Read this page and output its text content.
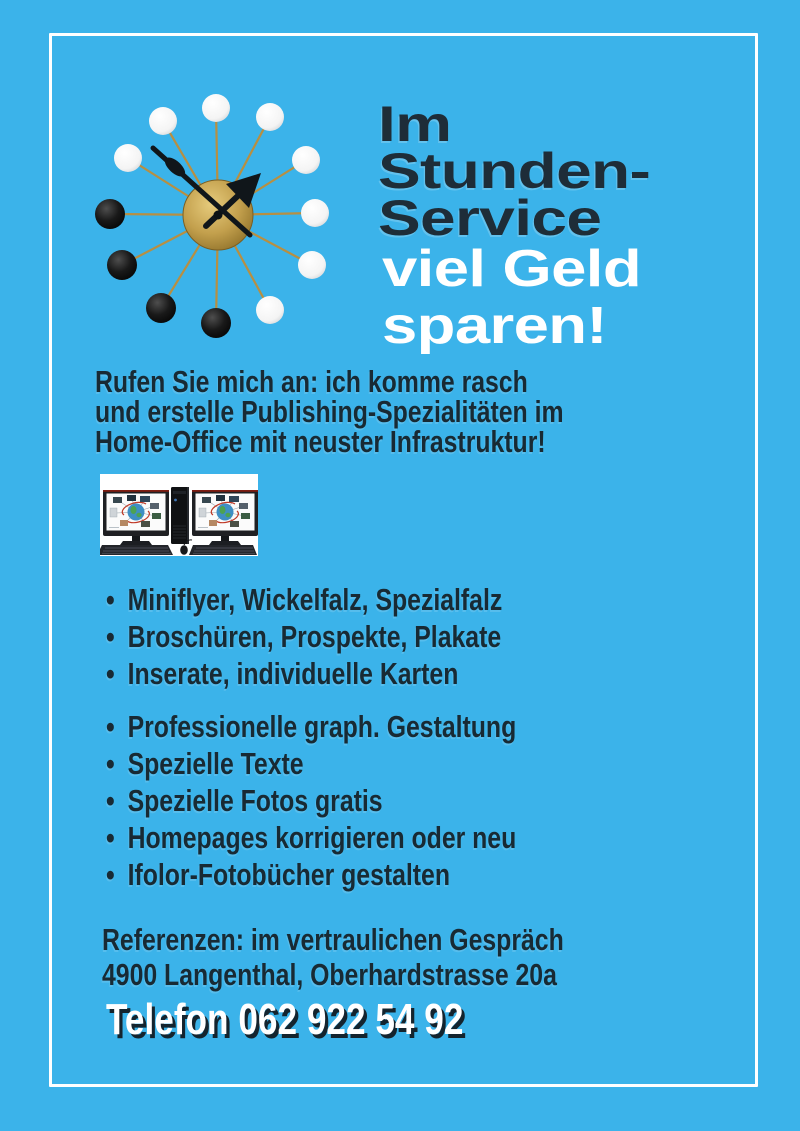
Im
Stunden-
Service
viel Geld
sparen!
Rufen Sie mich an: ich komme rasch
und erstelle Publishing-Spezialitäten im
Home-Office mit neuster Infrastruktur!
• Miniflyer, Wickelfalz, Spezialfalz
• Broschüren, Prospekte, Plakate
• Inserate, individuelle Karten
• Professionelle graph. Gestaltung
• Spezielle Texte
• Spezielle Fotos gratis
• Homepages korrigieren oder neu
• Ifolor-Fotobücher gestalten
Referenzen: im vertraulichen Gespräch
4900 Langenthal, Oberhardstrasse 20a
Telefon 062 922 54 92
